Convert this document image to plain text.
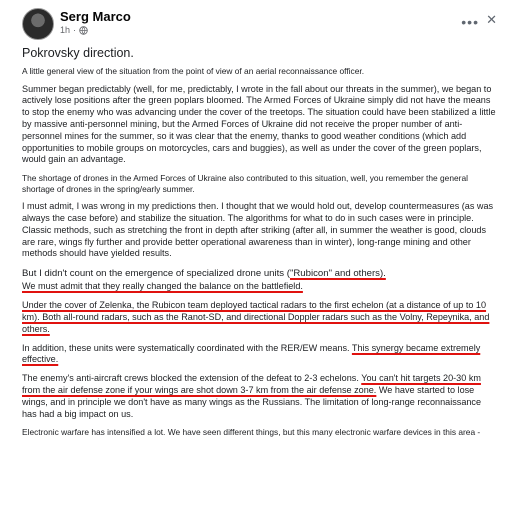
Serg Marco
1h ·	••• ✕

Pokrovsky direction.

A little general view of the situation from the point of view of an aerial reconnaissance officer.

Summer began predictably (well, for me, predictably, I wrote in the fall about our threats in the summer), we began to actively lose positions after the green poplars bloomed. The Armed Forces of Ukraine simply did not have the means to stop the enemy who was advancing under the cover of the treetops. The situation could have been stabilized a little by massive anti-personnel mining, but the Armed Forces of Ukraine did not receive the proper number of anti-personnel mines for the summer, so it was clear that the enemy, thanks to good weather conditions (which add opportunities to mobile groups on motorcycles, cars and buggies), as well as under the cover of the green poplars, would gain an advantage.

The shortage of drones in the Armed Forces of Ukraine also contributed to this situation, well, you remember the general shortage of drones in the spring/early summer.

I must admit, I was wrong in my predictions then. I thought that we would hold out, develop countermeasures (as was always the case before) and stabilize the situation. The algorithms for what to do in such cases were in principle. Classic methods, such as stretching the front in depth after striking (after all, in summer the weather is good, clouds are rare, wings fly further and provide better operational awareness than in winter), long-range mining and other methods should have yielded results.

But I didn't count on the emergence of specialized drone units ("Rubicon" and others).

We must admit that they really changed the balance on the battlefield.

Under the cover of Zelenka, the Rubicon team deployed tactical radars to the first echelon (at a distance of up to 10 km). Both all-round radars, such as the Ranot-SD, and directional Doppler radars such as the Volny, Repeynika, and others.

In addition, these units were systematically coordinated with the RER/EW means. This synergy became extremely effective.

The enemy's anti-aircraft crews blocked the extension of the defeat to 2-3 echelons. You can't hit targets 20-30 km from the air defense zone if your wings are shot down 3-7 km from the air defense zone. We have started to lose wings, and in principle we don't have as many wings as the Russians. The limitation of long-range reconnaissance has had a big impact on us.

Electronic warfare has intensified a lot. We have seen different things, but this many electronic warfare devices in this area -
